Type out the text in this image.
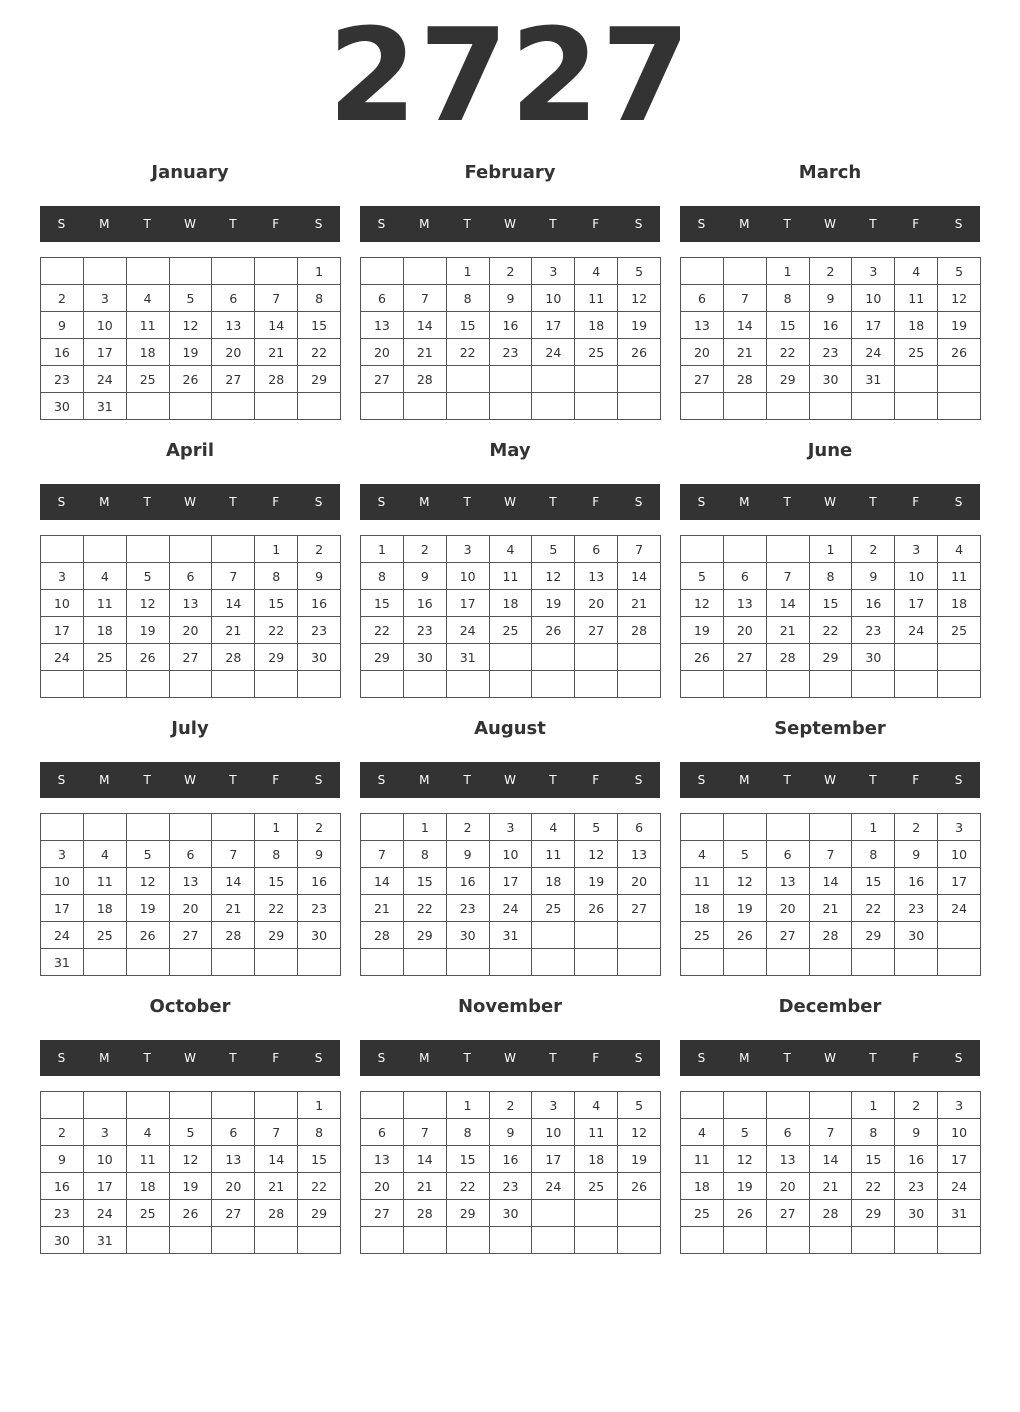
2727
January
S	M	T	W	T	F	S
						1
2	3	4	5	6	7	8
9	10	11	12	13	14	15
16	17	18	19	20	21	22
23	24	25	26	27	28	29
30	31					
February
S	M	T	W	T	F	S
		1	2	3	4	5
6	7	8	9	10	11	12
13	14	15	16	17	18	19
20	21	22	23	24	25	26
27	28					

March
S	M	T	W	T	F	S
		1	2	3	4	5
6	7	8	9	10	11	12
13	14	15	16	17	18	19
20	21	22	23	24	25	26
27	28	29	30	31		

April
S	M	T	W	T	F	S
					1	2
3	4	5	6	7	8	9
10	11	12	13	14	15	16
17	18	19	20	21	22	23
24	25	26	27	28	29	30

May
S	M	T	W	T	F	S
1	2	3	4	5	6	7
8	9	10	11	12	13	14
15	16	17	18	19	20	21
22	23	24	25	26	27	28
29	30	31				

June
S	M	T	W	T	F	S
			1	2	3	4
5	6	7	8	9	10	11
12	13	14	15	16	17	18
19	20	21	22	23	24	25
26	27	28	29	30		

July
S	M	T	W	T	F	S
					1	2
3	4	5	6	7	8	9
10	11	12	13	14	15	16
17	18	19	20	21	22	23
24	25	26	27	28	29	30
31						
August
S	M	T	W	T	F	S
	1	2	3	4	5	6
7	8	9	10	11	12	13
14	15	16	17	18	19	20
21	22	23	24	25	26	27
28	29	30	31			

September
S	M	T	W	T	F	S
				1	2	3
4	5	6	7	8	9	10
11	12	13	14	15	16	17
18	19	20	21	22	23	24
25	26	27	28	29	30	

October
S	M	T	W	T	F	S
						1
2	3	4	5	6	7	8
9	10	11	12	13	14	15
16	17	18	19	20	21	22
23	24	25	26	27	28	29
30	31					
November
S	M	T	W	T	F	S
		1	2	3	4	5
6	7	8	9	10	11	12
13	14	15	16	17	18	19
20	21	22	23	24	25	26
27	28	29	30			

December
S	M	T	W	T	F	S
				1	2	3
4	5	6	7	8	9	10
11	12	13	14	15	16	17
18	19	20	21	22	23	24
25	26	27	28	29	30	31
